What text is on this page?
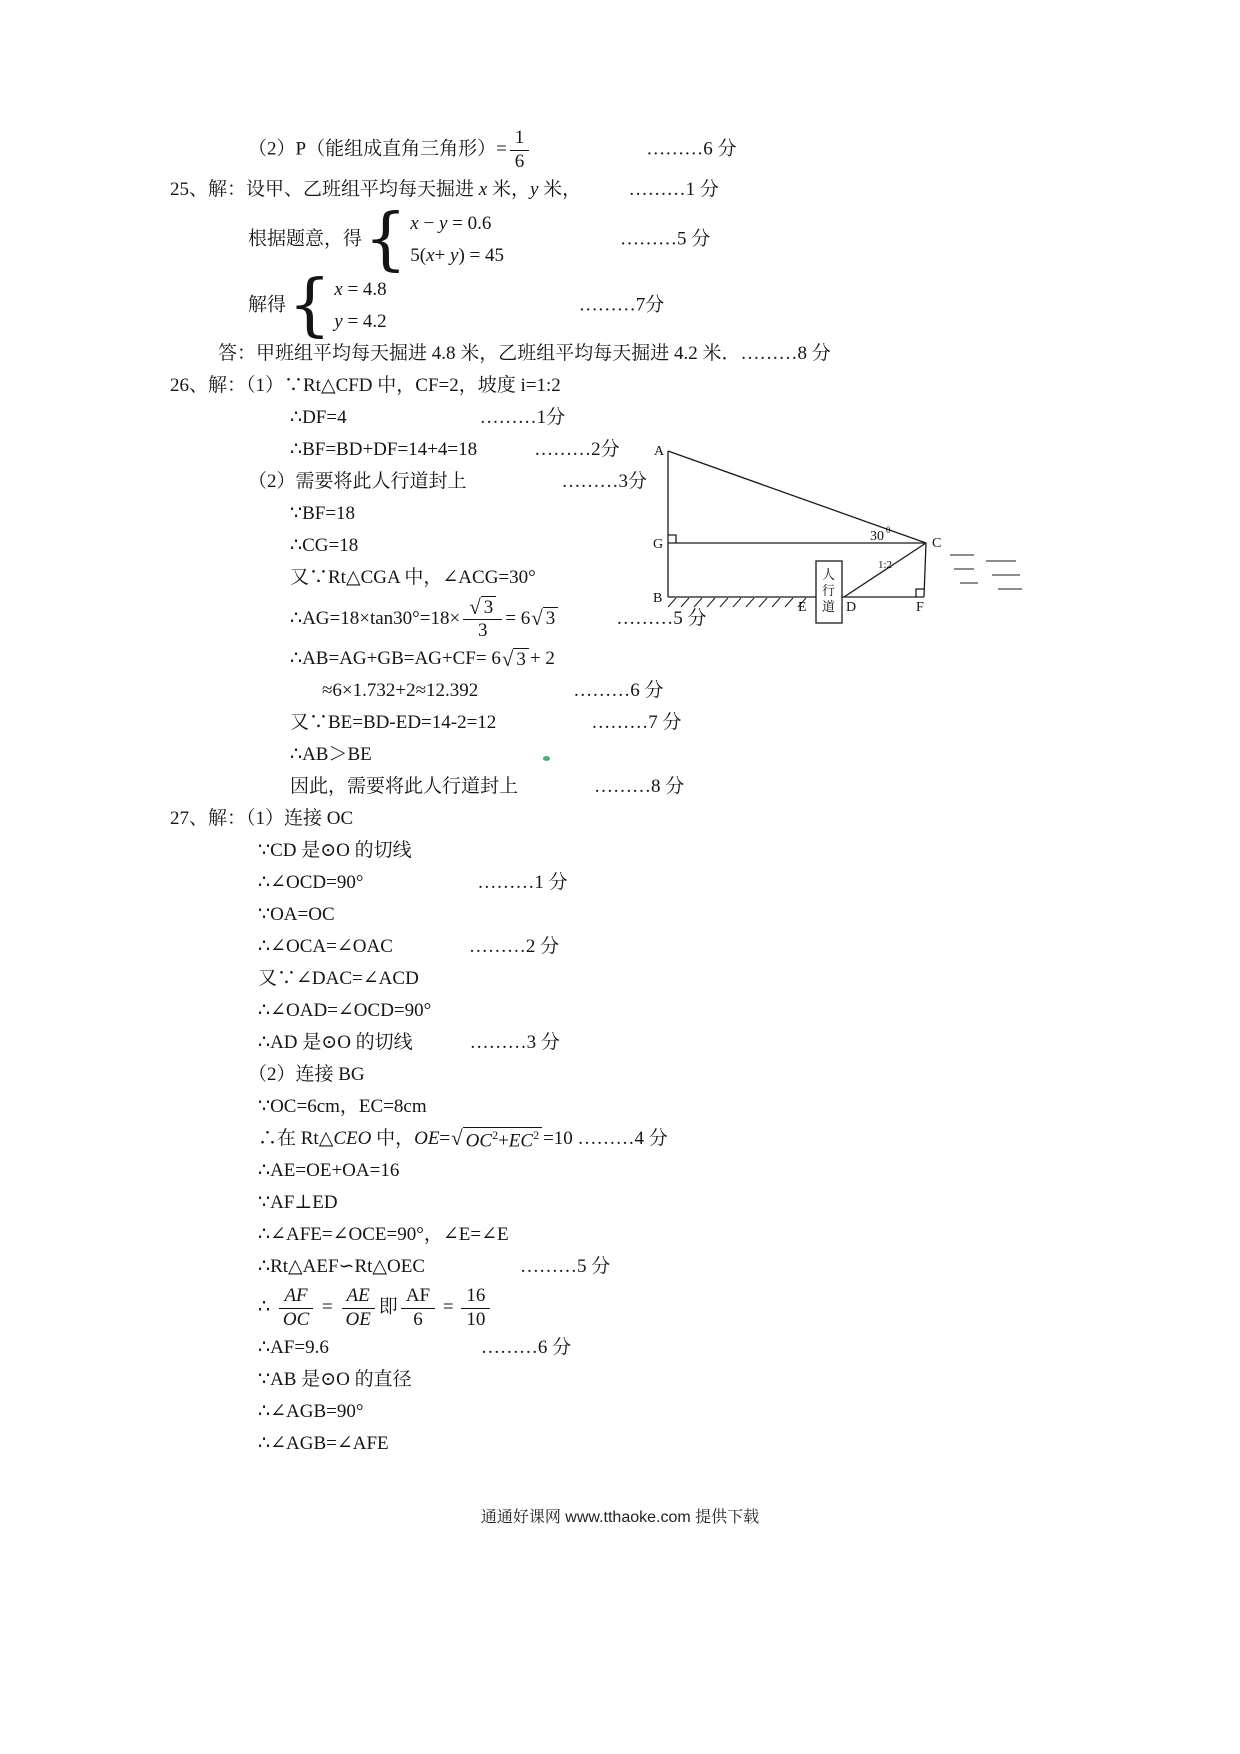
（2）P（能组成直角三角形）= $\frac{1}{6}$ 　　　　　　………6 分
25、解：设甲、乙班组平均每天掘进 x 米，y 米，　　　………1 分
根据题意，得 { x − y = 0.6
5(x+ y) = 45
　　　　　　………5 分
解得 { x = 4.8
y = 4.2
　　　　　　　　　　………7分
答：甲班组平均每天掘进 4.8 米，乙班组平均每天掘进 4.2 米．………8 分
26、解：（1）∵Rt△CFD 中，CF=2，坡度 i=1:2
∴DF=4　　　　　　　………1分
∴BF=BD+DF=14+4=18　　　………2分
（2）需要将此人行道封上　　　　　………3分
∵BF=18
∴CG=18
又∵Rt△CGA 中，∠ACG=30°
∴AG=18×tan30°=18× $\frac{√ 3}{3} = 6$ √ 3 　　　………5 分
∴AB=AG+GB=AG+CF= 6 √ 3 + 2
≈6×1.732+2≈12.392　　　　　………6 分
又∵BE=BD-ED=14-2=12　　　　　………7 分
∴AB＞BE
因此，需要将此人行道封上　　　　………8 分
27、解：（1）连接 OC
∵CD 是⊙O 的切线
∴∠OCD=90°　　　　　　………1 分
∵OA=OC
∴∠OCA=∠OAC　　　　………2 分
又∵∠DAC=∠ACD
∴∠OAD=∠OCD=90°
∴AD 是⊙O 的切线　　　………3 分
（2）连接 BG
∵OC=6cm，EC=8cm
∴在 Rt△CEO 中，OE= √ $OC^2+EC^2 =10$ ………4 分
∴AE=OE+OA=16
∵AF⊥ED
∴∠AFE=∠OCE=90°，∠E=∠E
∴Rt△AEF∽Rt△OEC　　　　　………5 分
∴ $\frac{AF}{OC} = \frac{AE}{OE}$ 即 $\frac{AF}{6} = \frac{16}{10}$
∴AF=9.6　　　　　　　　………6 分
∵AB 是⊙O 的直径
∴∠AGB=90°
∴∠AGB=∠AFE
A
G
B
C
E	D	F
30 0
1:2
人
行
道
通通好课网 www.tthaoke.com 提供下载
